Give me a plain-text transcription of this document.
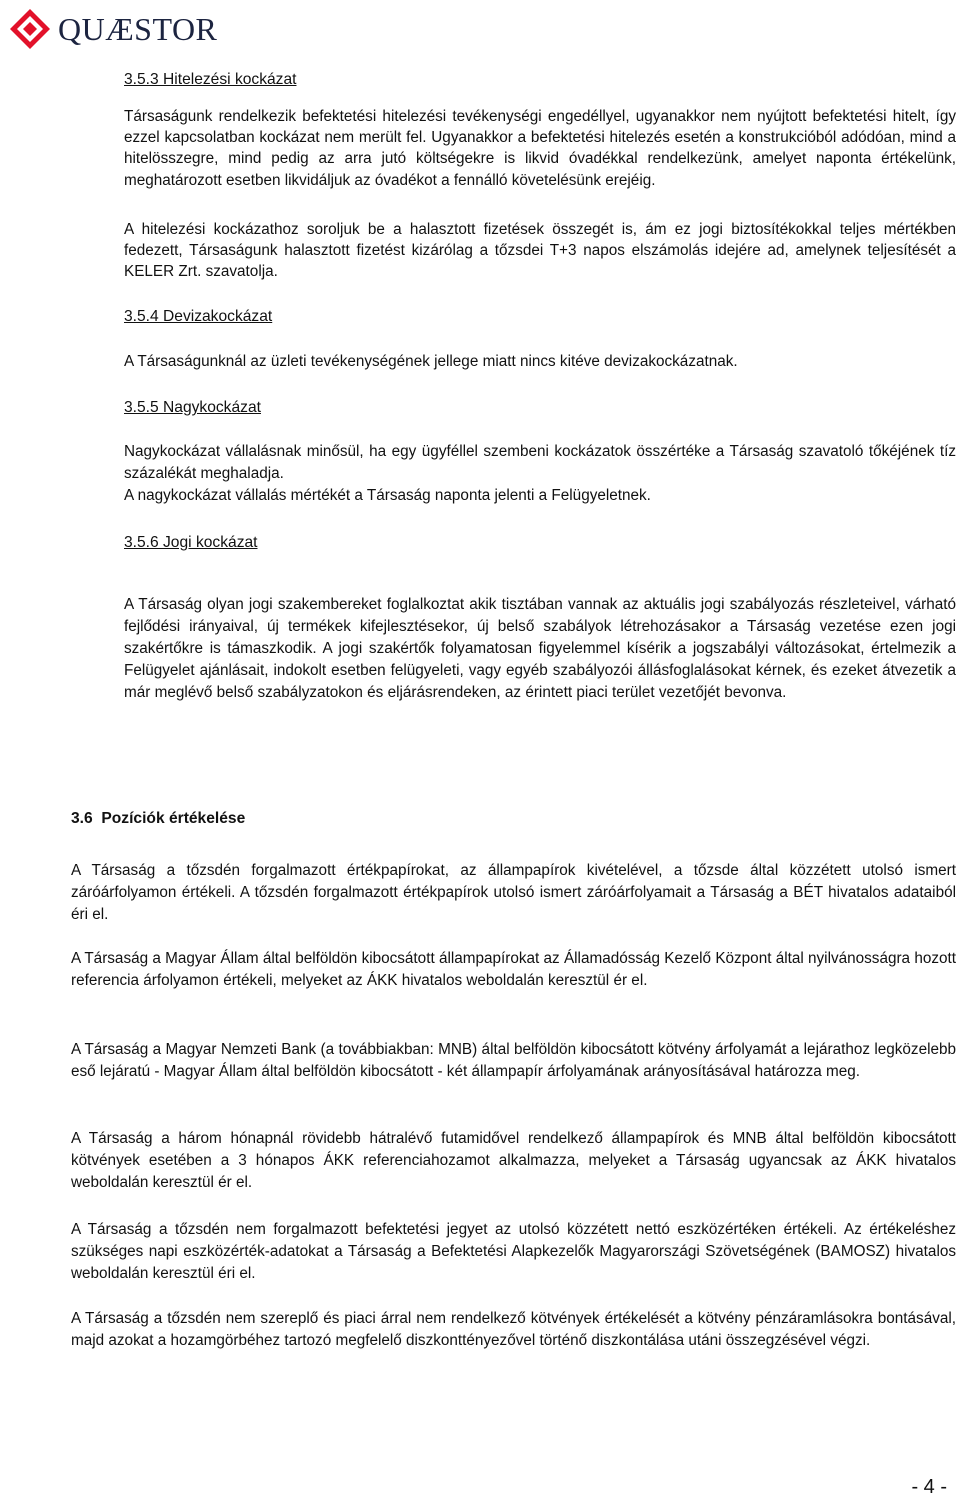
QUÆSTOR
3.5.3 Hitelezési kockázat

Társaságunk rendelkezik befektetési hitelezési tevékenységi engedéllyel, ugyanakkor nem nyújtott befektetési hitelt, így ezzel kapcsolatban kockázat nem merült fel. Ugyanakkor a befektetési hitelezés esetén a konstrukcióból adódóan, mind a hitelösszegre, mind pedig az arra jutó költségekre is likvid óvadékkal rendelkezünk, amelyet naponta értékelünk, meghatározott esetben likvidáljuk az óvadékot a fennálló követelésünk erejéig.

A hitelezési kockázathoz soroljuk be a halasztott fizetések összegét is, ám ez jogi biztosítékokkal teljes mértékben fedezett, Társaságunk halasztott fizetést kizárólag a tőzsdei T+3 napos elszámolás idejére ad, amelynek teljesítését a KELER Zrt. szavatolja.

3.5.4 Devizakockázat

A Társaságunknál az üzleti tevékenységének jellege miatt nincs kitéve devizakockázatnak.

3.5.5 Nagykockázat

Nagykockázat vállalásnak minősül, ha egy ügyféllel szembeni kockázatok összértéke a Társaság szavatoló tőkéjének tíz százalékát meghaladja.

A nagykockázat vállalás mértékét a Társaság naponta jelenti a Felügyeletnek.

3.5.6 Jogi kockázat

A Társaság olyan jogi szakembereket foglalkoztat akik tisztában vannak az aktuális jogi szabályozás részleteivel, várható fejlődési irányaival, új termékek kifejlesztésekor, új belső szabályok létrehozásakor a Társaság vezetése ezen jogi szakértőkre is támaszkodik. A jogi szakértők folyamatosan figyelemmel kísérik a jogszabályi változásokat, értelmezik a Felügyelet ajánlásait, indokolt esetben felügyeleti, vagy egyéb szabályozói állásfoglalásokat kérnek, és ezeket átvezetik a már meglévő belső szabályzatokon és eljárásrendeken, az érintett piaci terület vezetőjét bevonva.

3.6 Pozíciók értékelése

A Társaság a tőzsdén forgalmazott értékpapírokat, az állampapírok kivételével, a tőzsde által közzétett utolsó ismert záróárfolyamon értékeli. A tőzsdén forgalmazott értékpapírok utolsó ismert záróárfolyamait a Társaság a BÉT hivatalos adataiból éri el.

A Társaság a Magyar Állam által belföldön kibocsátott állampapírokat az Államadósság Kezelő Központ által nyilvánosságra hozott referencia árfolyamon értékeli, melyeket az ÁKK hivatalos weboldalán keresztül ér el.

A Társaság a Magyar Nemzeti Bank (a továbbiakban: MNB) által belföldön kibocsátott kötvény árfolyamát a lejárathoz legközelebb eső lejáratú - Magyar Állam által belföldön kibocsátott - két állampapír árfolyamának arányosításával határozza meg.

A Társaság a három hónapnál rövidebb hátralévő futamidővel rendelkező állampapírok és MNB által belföldön kibocsátott kötvények esetében a 3 hónapos ÁKK referenciahozamot alkalmazza, melyeket a Társaság ugyancsak az ÁKK hivatalos weboldalán keresztül ér el.

A Társaság a tőzsdén nem forgalmazott befektetési jegyet az utolsó közzétett nettó eszközértéken értékeli. Az értékeléshez szükséges napi eszközérték-adatokat a Társaság a Befektetési Alapkezelők Magyarországi Szövetségének (BAMOSZ) hivatalos weboldalán keresztül éri el.

A Társaság a tőzsdén nem szereplő és piaci árral nem rendelkező kötvények értékelését a kötvény pénzáramlásokra bontásával, majd azokat a hozamgörbéhez tartozó megfelelő diszkonttényezővel történő diszkontálása utáni összegzésével végzi.

- 4 -
